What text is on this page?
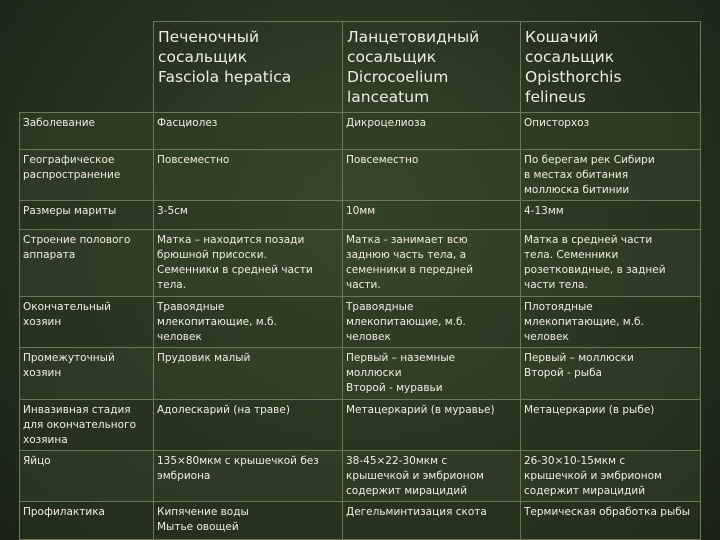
	Печеночный
сосальщик
Fasciola hepatica	Ланцетовидный
сосальщик
Dicrocoelium
lanceatum	Кошачий
сосальщик
Opisthorchis
felineus
Заболевание	Фасциолез	Дикроцелиоза	Описторхоз
Географическое
распространение	Повсеместно	Повсеместно	По берегам рек Сибири
в местах обитания
моллюска битинии
Размеры мариты	3-5см	10мм	4-13мм
Строение полового
аппарата	Матка – находится позади
брюшной присоски.
Семенники в средней части
тела.	Матка - занимает всю
заднюю часть тела, а
семенники в передней
части.	Матка в средней части
тела. Семенники
розетковидные, в задней
части тела.
Окончательный
хозяин	Травоядные
млекопитающие, м.б.
человек	Травоядные
млекопитающие, м.б.
человек	Плотоядные
млекопитающие, м.б.
человек
Промежуточный
хозяин	Прудовик малый	Первый – наземные
моллюски
Второй - муравьи	Первый – моллюски
Второй - рыба
Инвазивная стадия
для окончательного
хозяина	Адолескарий (на траве)	Метацеркарий (в муравье)	Метацеркарии (в рыбе)
Яйцо	135×80мкм с крышечкой без
эмбриона	38-45×22-30мкм с
крышечкой и эмбрионом
содержит мирацидий	26-30×10-15мкм с
крышечкой и эмбрионом
содержит мирацидий
Профилактика	Кипячение воды
Мытье овощей	Дегельминтизация скота	Термическая обработка рыбы
